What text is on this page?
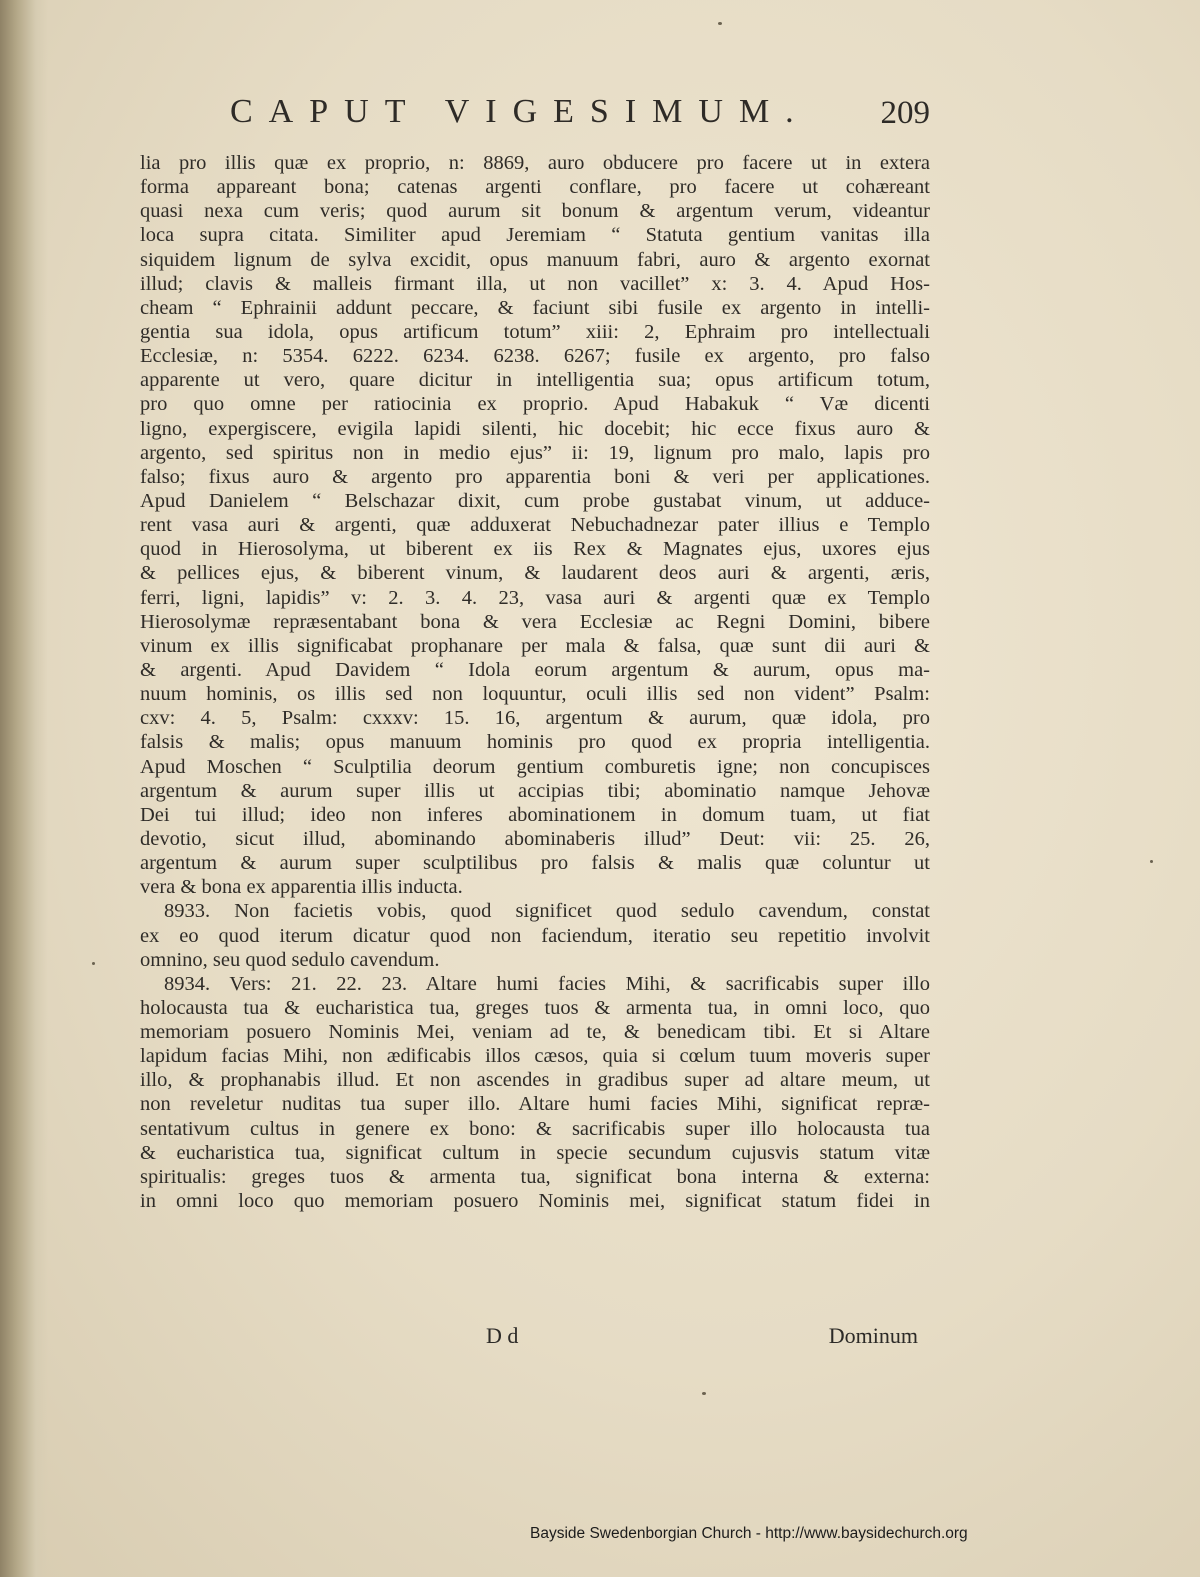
CAPUT VIGESIMUM. 209
lia pro illis quæ ex proprio, n: 8869, auro obducere pro facere ut in extera
forma appareant bona; catenas argenti conflare, pro facere ut cohæreant
quasi nexa cum veris; quod aurum sit bonum & argentum verum, videantur
loca supra citata. Similiter apud Jeremiam “ Statuta gentium vanitas illa
siquidem lignum de sylva excidit, opus manuum fabri, auro & argento exornat
illud; clavis & malleis firmant illa, ut non vacillet” x: 3. 4. Apud Hos-
cheam “ Ephrainii addunt peccare, & faciunt sibi fusile ex argento in intelli-
gentia sua idola, opus artificum totum” xiii: 2, Ephraim pro intellectuali
Ecclesiæ, n: 5354. 6222. 6234. 6238. 6267; fusile ex argento, pro falso
apparente ut vero, quare dicitur in intelligentia sua; opus artificum totum,
pro quo omne per ratiocinia ex proprio. Apud Habakuk “ Væ dicenti
ligno, expergiscere, evigila lapidi silenti, hic docebit; hic ecce fixus auro &
argento, sed spiritus non in medio ejus” ii: 19, lignum pro malo, lapis pro
falso; fixus auro & argento pro apparentia boni & veri per applicationes.
Apud Danielem “ Belschazar dixit, cum probe gustabat vinum, ut adduce-
rent vasa auri & argenti, quæ adduxerat Nebuchadnezar pater illius e Templo
quod in Hierosolyma, ut biberent ex iis Rex & Magnates ejus, uxores ejus
& pellices ejus, & biberent vinum, & laudarent deos auri & argenti, æris,
ferri, ligni, lapidis” v: 2. 3. 4. 23, vasa auri & argenti quæ ex Templo
Hierosolymæ repræsentabant bona & vera Ecclesiæ ac Regni Domini, bibere
vinum ex illis significabat prophanare per mala & falsa, quæ sunt dii auri &
& argenti. Apud Davidem “ Idola eorum argentum & aurum, opus ma-
nuum hominis, os illis sed non loquuntur, oculi illis sed non vident” Psalm:
cxv: 4. 5, Psalm: cxxxv: 15. 16, argentum & aurum, quæ idola, pro
falsis & malis; opus manuum hominis pro quod ex propria intelligentia.
Apud Moschen “ Sculptilia deorum gentium comburetis igne; non concupisces
argentum & aurum super illis ut accipias tibi; abominatio namque Jehovæ
Dei tui illud; ideo non inferes abominationem in domum tuam, ut fiat
devotio, sicut illud, abominando abominaberis illud” Deut: vii: 25. 26,
argentum & aurum super sculptilibus pro falsis & malis quæ coluntur ut
vera & bona ex apparentia illis inducta.
8933. Non facietis vobis, quod significet quod sedulo cavendum, constat
ex eo quod iterum dicatur quod non faciendum, iteratio seu repetitio involvit
omnino, seu quod sedulo cavendum.
8934. Vers: 21. 22. 23. Altare humi facies Mihi, & sacrificabis super illo
holocausta tua & eucharistica tua, greges tuos & armenta tua, in omni loco, quo
memoriam posuero Nominis Mei, veniam ad te, & benedicam tibi. Et si Altare
lapidum facias Mihi, non ædificabis illos cæsos, quia si cœlum tuum moveris super
illo, & prophanabis illud. Et non ascendes in gradibus super ad altare meum, ut
non reveletur nuditas tua super illo. Altare humi facies Mihi, significat repræ-
sentativum cultus in genere ex bono: & sacrificabis super illo holocausta tua
& eucharistica tua, significat cultum in specie secundum cujusvis statum vitæ
spiritualis: greges tuos & armenta tua, significat bona interna & externa:
in omni loco quo memoriam posuero Nominis mei, significat statum fidei in
D d	Dominum
Bayside Swedenborgian Church - http://www.baysidechurch.org
